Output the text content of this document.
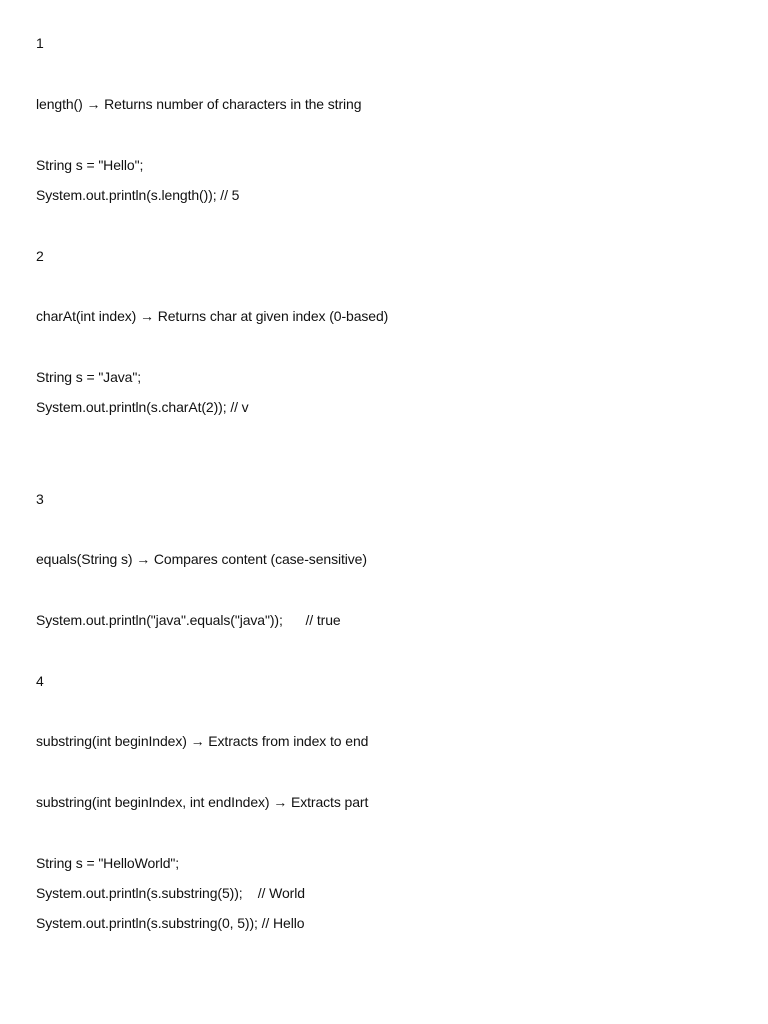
1
length() → Returns number of characters in the string
String s = "Hello";
System.out.println(s.length()); // 5
2
charAt(int index) → Returns char at given index (0-based)
String s = "Java";
System.out.println(s.charAt(2)); // v
3
equals(String s) → Compares content (case-sensitive)
System.out.println("java".equals("java"));      // true
4
substring(int beginIndex) → Extracts from index to end
substring(int beginIndex, int endIndex) → Extracts part
String s = "HelloWorld";
System.out.println(s.substring(5));    // World
System.out.println(s.substring(0, 5)); // Hello
